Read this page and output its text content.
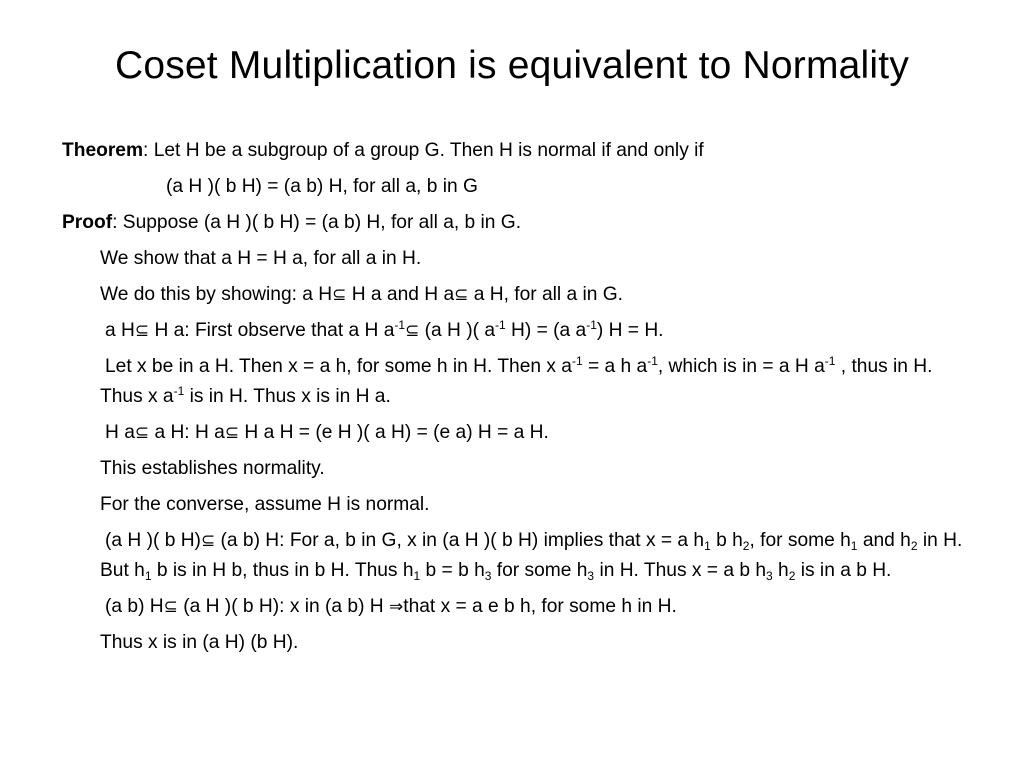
Coset Multiplication is equivalent to Normality

Theorem: Let H be a subgroup of a group G. Then H is normal if and only if

(a H )( b H) = (a b) H, for all a, b in G

Proof: Suppose (a H )( b H) = (a b) H, for all a, b in G.

We show that a H = H a, for all a in H.

We do this by showing: a H⊆ H a and H a⊆ a H, for all a in G.

a H⊆ H a: First observe that a H $a^{-1}⊆$ (a H )( $a^{-1}$ H) = (a $a^{-1}$) H = H.

Let x be in a H. Then x = a h, for some h in H. Then x $a^{-1} = a$ h $a^{-1}$, which is in = a H $a^{-1}$ , thus in H. Thus x $a^{-1}$ is in H. Thus x is in H a.

H a⊆ a H: H a⊆ H a H = (e H )( a H) = (e a) H = a H.

This establishes normality.

For the converse, assume H is normal.

(a H )( b H)⊆ (a b) H: For a, b in G, x in (a H )( b H) implies that x = a $h_1$ b $h_2$, for some $h_1$ and $h_2$ in H. But $h_1$ b is in H b, thus in b H. Thus $h_1$ b = b $h_3$ for some $h_3$ in H. Thus x = a b $h_3$ $h_2$ is in a b H.

(a b) H⊆ (a H )( b H): x in (a b) H ⇒that x = a e b h, for some h in H.

Thus x is in (a H) (b H).
